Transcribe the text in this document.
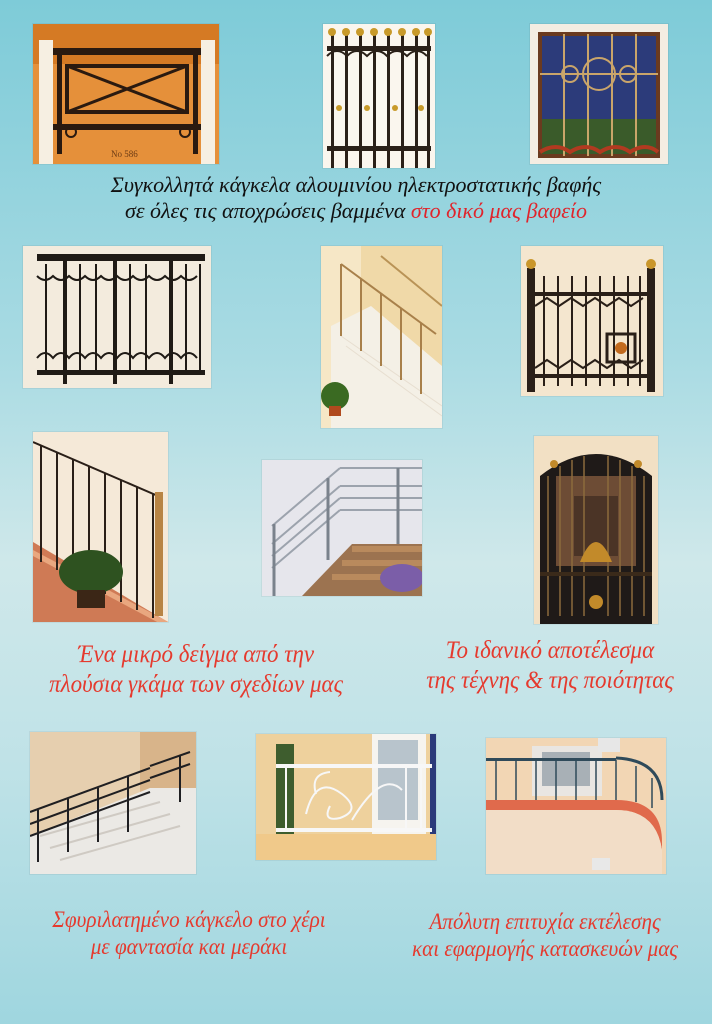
No 586
Συγκολλητά κάγκελα αλουμινίου ηλεκτροστατικής βαφής
σε όλες τις αποχρώσεις βαμμένα στο δικό μας βαφείο
Ένα μικρό δείγμα από την
πλούσια γκάμα των σχεδίων μας
Το ιδανικό αποτέλεσμα
της τέχνης & της ποιότητας
Σφυριλατημένο κάγκελο στο χέρι
με φαντασία και μεράκι
Απόλυτη επιτυχία εκτέλεσης
και εφαρμογής κατασκευών μας
